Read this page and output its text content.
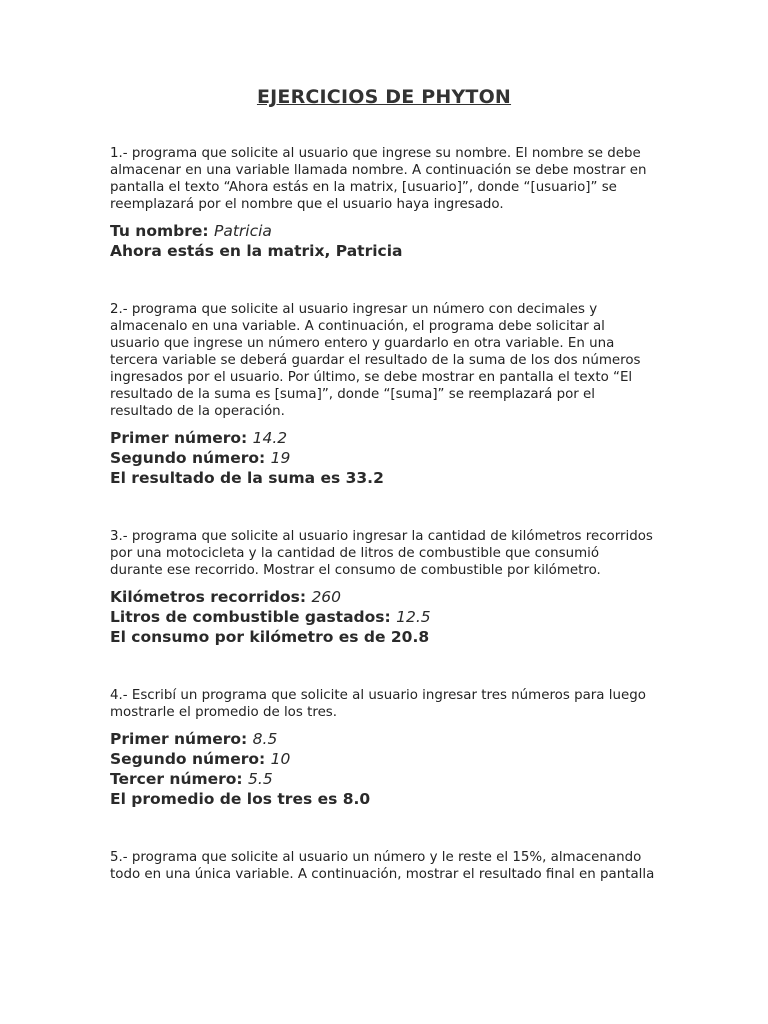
EJERCICIOS DE PHYTON

1.- programa que solicite al usuario que ingrese su nombre. El nombre se debe almacenar en una variable llamada nombre. A continuación se debe mostrar en pantalla el texto “Ahora estás en la matrix, [usuario]”, donde “[usuario]” se reemplazará por el nombre que el usuario haya ingresado.

Tu nombre: Patricia
Ahora estás en la matrix, Patricia

2.- programa que solicite al usuario ingresar un número con decimales y almacenalo en una variable. A continuación, el programa debe solicitar al usuario que ingrese un número entero y guardarlo en otra variable. En una tercera variable se deberá guardar el resultado de la suma de los dos números ingresados por el usuario. Por último, se debe mostrar en pantalla el texto “El resultado de la suma es [suma]”, donde “[suma]” se reemplazará por el resultado de la operación.

Primer número: 14.2
Segundo número: 19
El resultado de la suma es 33.2

3.- programa que solicite al usuario ingresar la cantidad de kilómetros recorridos por una motocicleta y la cantidad de litros de combustible que consumió durante ese recorrido. Mostrar el consumo de combustible por kilómetro.

Kilómetros recorridos: 260
Litros de combustible gastados: 12.5
El consumo por kilómetro es de 20.8

4.- Escribí un programa que solicite al usuario ingresar tres números para luego mostrarle el promedio de los tres.

Primer número: 8.5
Segundo número: 10
Tercer número: 5.5
El promedio de los tres es 8.0

5.- programa que solicite al usuario un número y le reste el 15%, almacenando todo en una única variable. A continuación, mostrar el resultado final en pantalla
